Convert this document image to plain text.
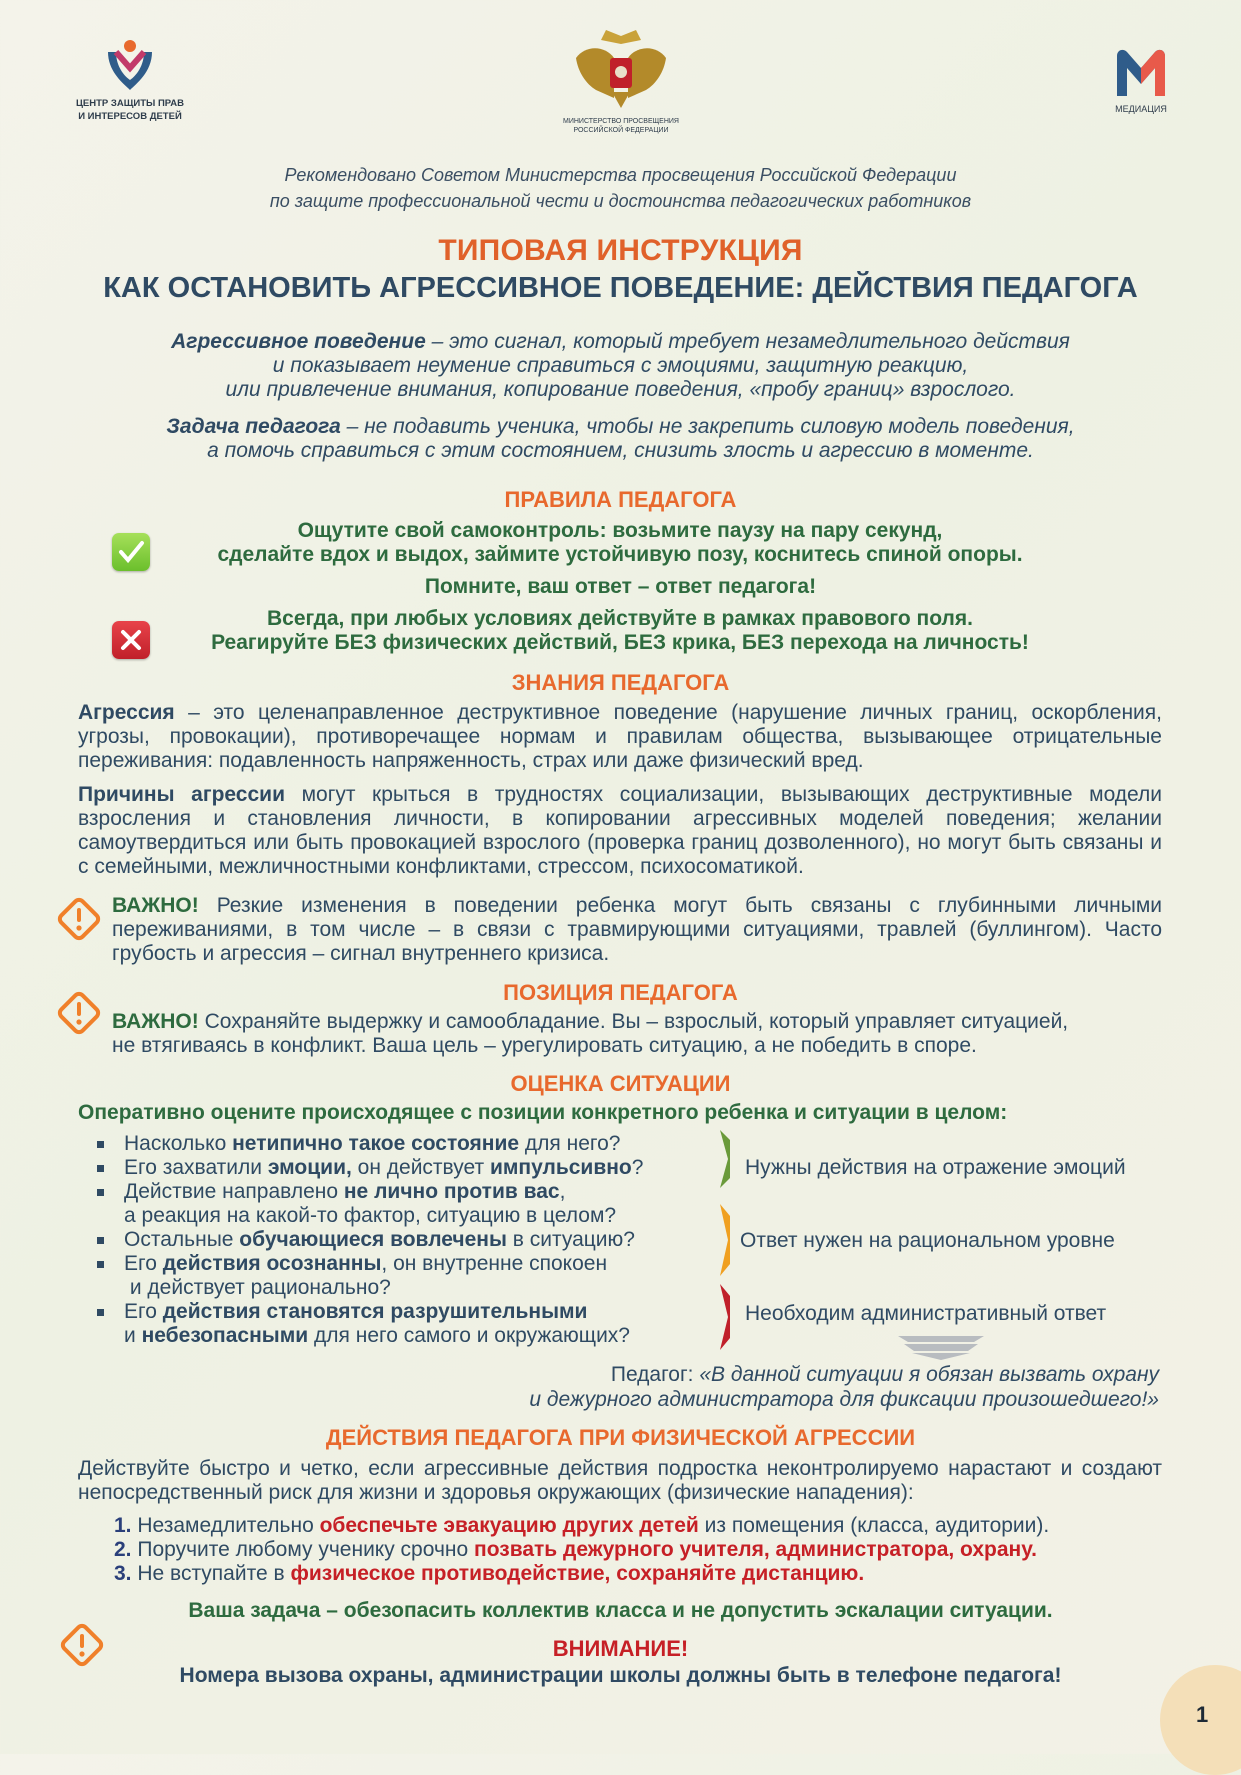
ЦЕНТР ЗАЩИТЫ ПРАВ
И ИНТЕРЕСОВ ДЕТЕЙ	МИНИСТЕРСТВО ПРОСВЕЩЕНИЯ
РОССИЙСКОЙ ФЕДЕРАЦИИ
МЕДИАЦИЯ
Рекомендовано Советом Министерства просвещения Российской Федерации
по защите профессиональной чести и достоинства педагогических работников
ТИПОВАЯ ИНСТРУКЦИЯ
КАК ОСТАНОВИТЬ АГРЕССИВНОЕ ПОВЕДЕНИЕ: ДЕЙСТВИЯ ПЕДАГОГА
Агрессивное поведение – это сигнал, который требует незамедлительного действия
и показывает неумение справиться с эмоциями, защитную реакцию,
или привлечение внимания, копирование поведения, «пробу границ» взрослого.
Задача педагога – не подавить ученика, чтобы не закрепить силовую модель поведения,
а помочь справиться с этим состоянием, снизить злость и агрессию в моменте.
ПРАВИЛА ПЕДАГОГА
Ощутите свой самоконтроль: возьмите паузу на пару секунд,
сделайте вдох и выдох, займите устойчивую позу, коснитесь спиной опоры.
Помните, ваш ответ – ответ педагога!
Всегда, при любых условиях действуйте в рамках правового поля.
Реагируйте БЕЗ физических действий, БЕЗ крика, БЕЗ перехода на личность!
ЗНАНИЯ ПЕДАГОГА
Агрессия – это целенаправленное деструктивное поведение (нарушение личных границ, оскорбления, угрозы, провокации), противоречащее нормам и правилам общества, вызывающее отрицательные переживания: подавленность напряженность, страх или даже физический вред.
Причины агрессии могут крыться в трудностях социализации, вызывающих деструктивные модели взросления и становления личности, в копировании агрессивных моделей поведения; желании самоутвердиться или быть провокацией взрослого (проверка границ дозволенного), но могут быть связаны и с семейными, межличностными конфликтами, стрессом, психосоматикой.
ВАЖНО! Резкие изменения в поведении ребенка могут быть связаны с глубинными личными переживаниями, в том числе – в связи с травмирующими ситуациями, травлей (буллингом). Часто грубость и агрессия – сигнал внутреннего кризиса.
ПОЗИЦИЯ ПЕДАГОГА
ВАЖНО! Сохраняйте выдержку и самообладание. Вы – взрослый, который управляет ситуацией,
не втягиваясь в конфликт. Ваша цель – урегулировать ситуацию, а не победить в споре.
ОЦЕНКА СИТУАЦИИ
Оперативно оцените происходящее с позиции конкретного ребенка и ситуации в целом:
Насколько нетипично такое состояние для него?
Его захватили эмоции, он действует импульсивно?
Действие направлено не лично против вас,
а реакция на какой-то фактор, ситуацию в целом?
Остальные обучающиеся вовлечены в ситуацию?
Его действия осознанны, он внутренне спокоен
и действует рационально?
Его действия становятся разрушительными
и небезопасными для него самого и окружающих?
Нужны действия на отражение эмоций
Ответ нужен на рациональном уровне
Необходим административный ответ
Педагог: «В данной ситуации я обязан вызвать охрану
и дежурного администратора для фиксации произошедшего!»
ДЕЙСТВИЯ ПЕДАГОГА ПРИ ФИЗИЧЕСКОЙ АГРЕССИИ
Действуйте быстро и четко, если агрессивные действия подростка неконтролируемо нарастают и создают непосредственный риск для жизни и здоровья окружающих (физические нападения):
1. Незамедлительно обеспечьте эвакуацию других детей из помещения (класса, аудитории).
2. Поручите любому ученику срочно позвать дежурного учителя, администратора, охрану.
3. Не вступайте в физическое противодействие, сохраняйте дистанцию.
Ваша задача – обезопасить коллектив класса и не допустить эскалации ситуации.
ВНИМАНИЕ!
Номера вызова охраны, администрации школы должны быть в телефоне педагога!
1
